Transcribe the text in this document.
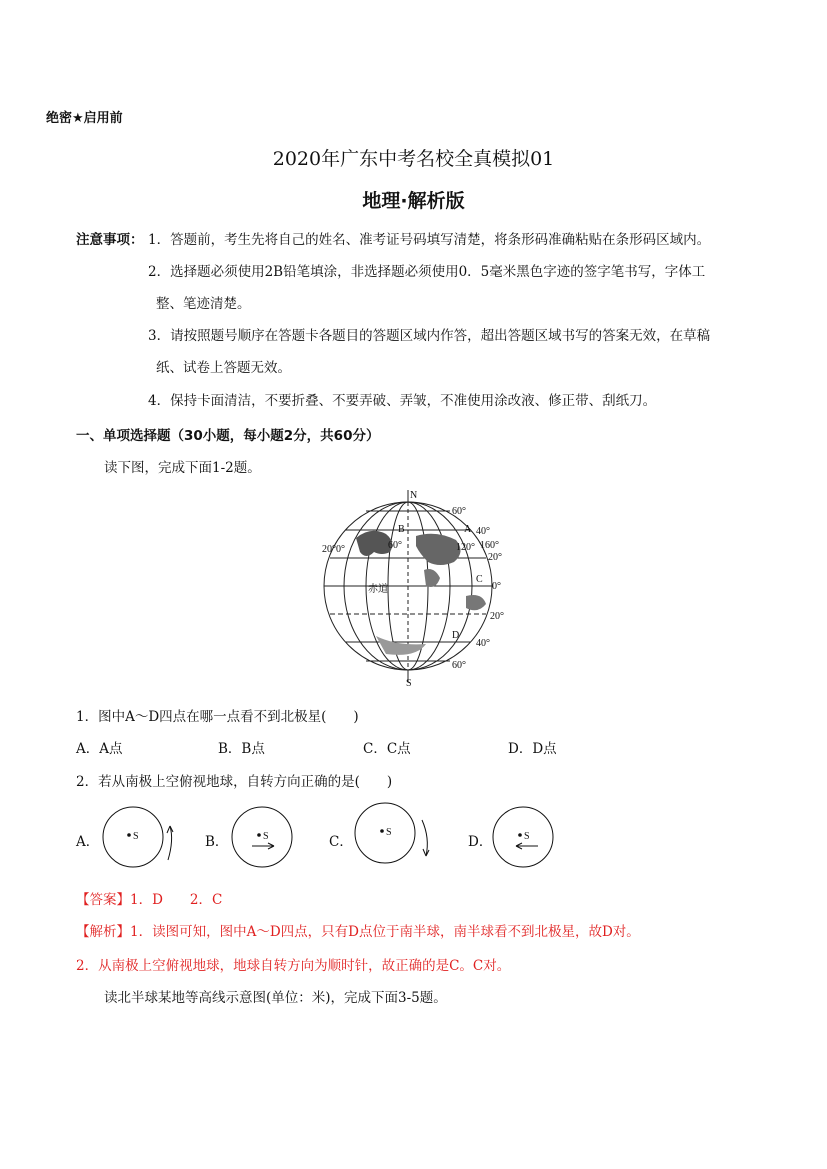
绝密★启用前
2020年广东中考名校全真模拟01
地理·解析版
注意事项： 1．答题前，考生先将自己的姓名、准考证号码填写清楚，将条形码准确粘贴在条形码区域内。
2．选择题必须使用2B铅笔填涂，非选择题必须使用0．5毫米黑色字迹的签字笔书写，字体工
整、笔迹清楚。
3．请按照题号顺序在答题卡各题目的答题区域内作答，超出答题区域书写的答案无效，在草稿
纸、试卷上答题无效。
4．保持卡面清洁，不要折叠、不要弄破、弄皱，不准使用涂改液、修正带、刮纸刀。
一、单项选择题（30小题，每小题2分，共60分）
读下图，完成下面1-2题。
N
S
60°
40°
160°
20°
0°
20°
40°
60°
20°0°	60°	120°
赤道
A
B
C
D
1．图中A～D四点在哪一点看不到北极星(　　)
A．A点	B．B点	C．C点	D．D点
2．若从南极上空俯视地球，自转方向正确的是(　　)
A．	S	B．	S	C．
S
D．	S
【答案】1．D　　2．C
【解析】1．读图可知，图中A～D四点，只有D点位于南半球，南半球看不到北极星，故D对。
2．从南极上空俯视地球，地球自转方向为顺时针，故正确的是C。C对。
读北半球某地等高线示意图(单位：米)，完成下面3-5题。
